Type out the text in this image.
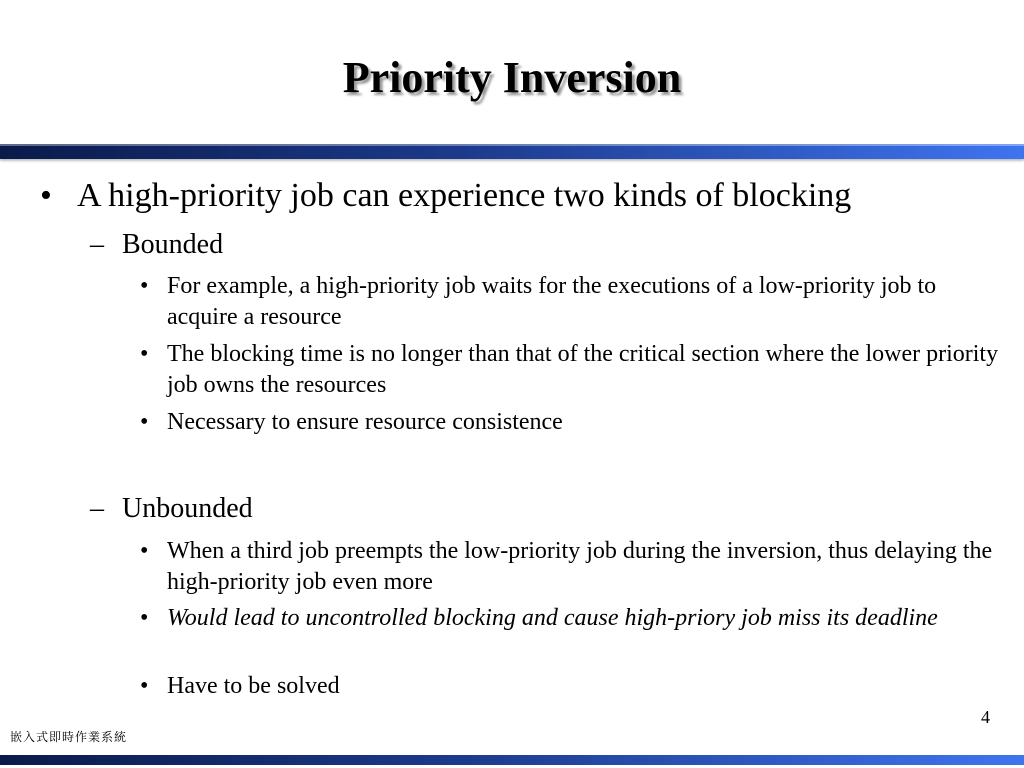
Priority Inversion
• A high-priority job can experience two kinds of blocking
– Bounded
• For example, a high-priority job waits for the executions of a low-priority job to acquire a resource
• The blocking time is no longer than that of the critical section where the lower priority job owns the resources
• Necessary to ensure resource consistence
– Unbounded
• When a third job preempts the low-priority job during the inversion, thus delaying the high-priority job even more
• Would lead to uncontrolled blocking and cause high-priory job miss its deadline
• Have to be solved
4
嵌入式即時作業系統
